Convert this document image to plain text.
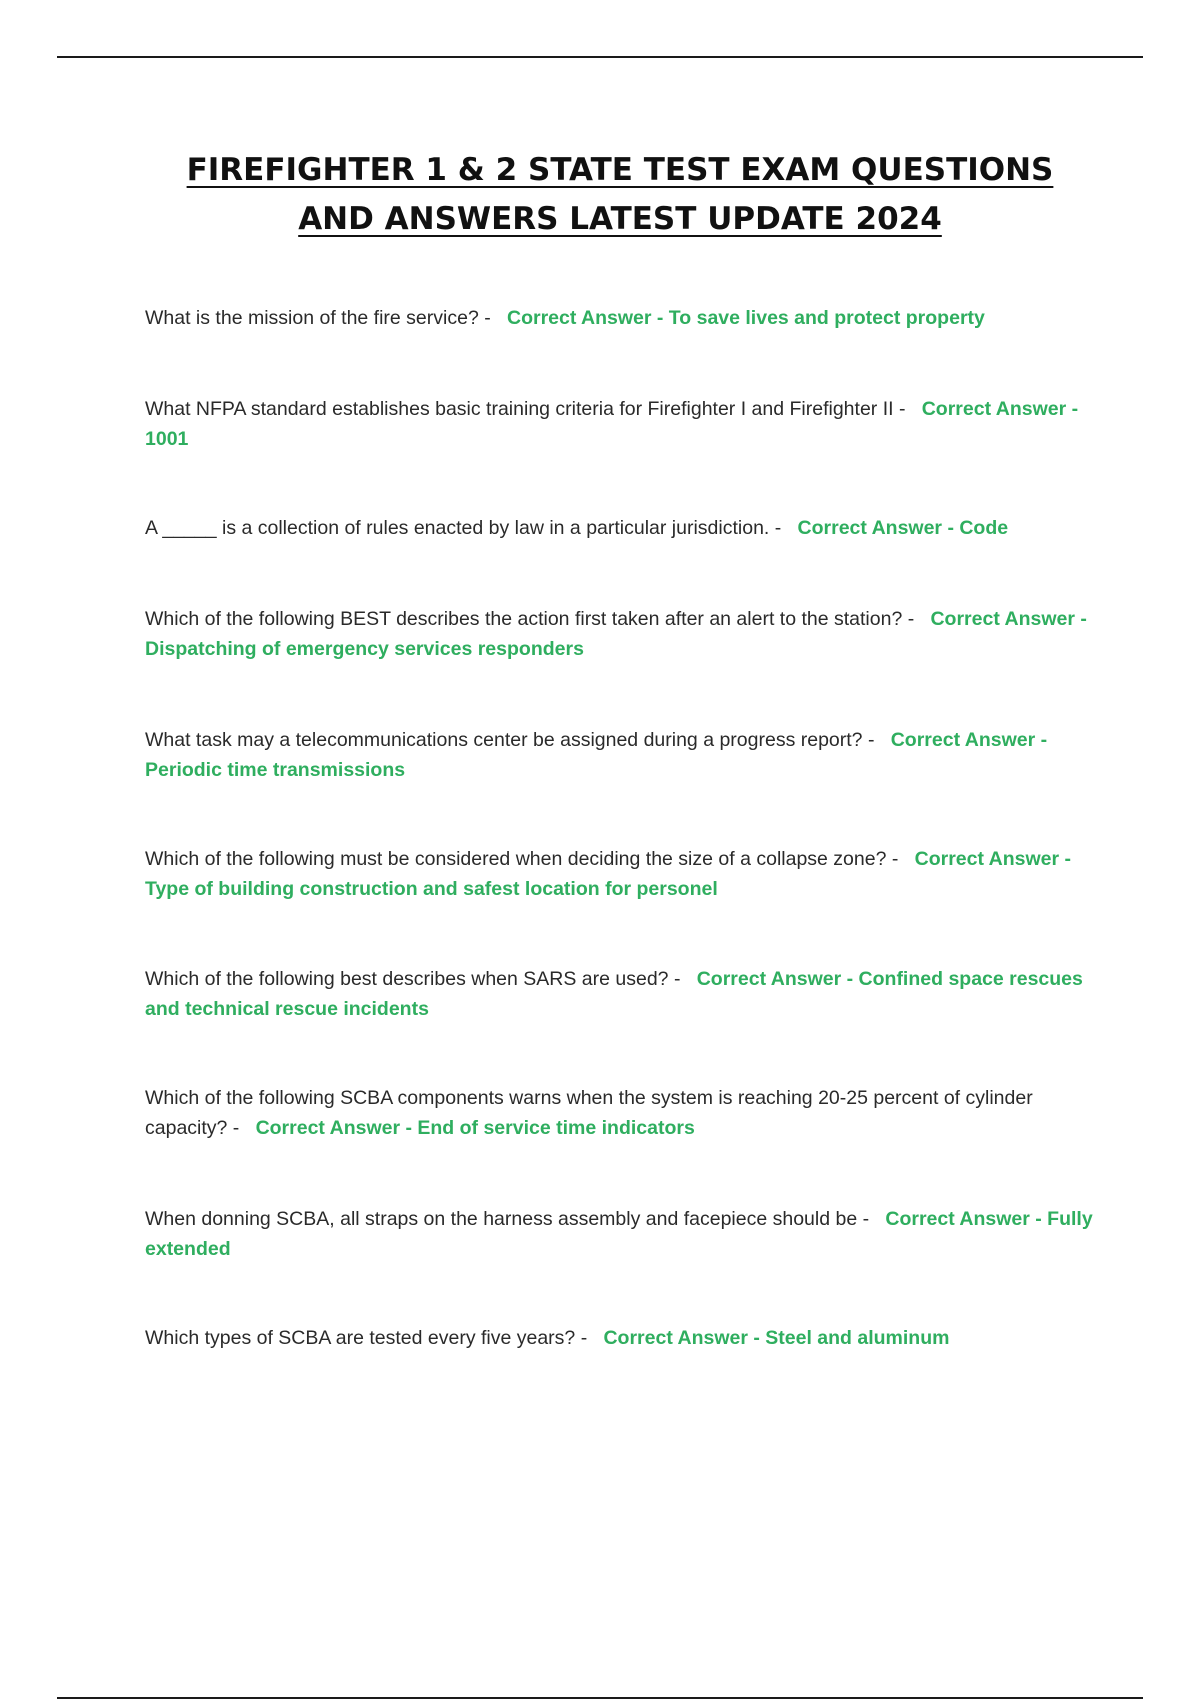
FIREFIGHTER 1 & 2 STATE TEST EXAM QUESTIONS
AND ANSWERS LATEST UPDATE 2024
What is the mission of the fire service? - Correct Answer - To save lives and protect property
What NFPA standard establishes basic training criteria for Firefighter I and Firefighter II - Correct Answer - 1001
A _____ is a collection of rules enacted by law in a particular jurisdiction. - Correct Answer - Code
Which of the following BEST describes the action first taken after an alert to the station? - Correct Answer - Dispatching of emergency services responders
What task may a telecommunications center be assigned during a progress report? - Correct Answer - Periodic time transmissions
Which of the following must be considered when deciding the size of a collapse zone? - Correct Answer - Type of building construction and safest location for personel
Which of the following best describes when SARS are used? - Correct Answer - Confined space rescues and technical rescue incidents
Which of the following SCBA components warns when the system is reaching 20-25 percent of cylinder capacity? - Correct Answer - End of service time indicators
When donning SCBA, all straps on the harness assembly and facepiece should be - Correct Answer - Fully extended
Which types of SCBA are tested every five years? - Correct Answer - Steel and aluminum
